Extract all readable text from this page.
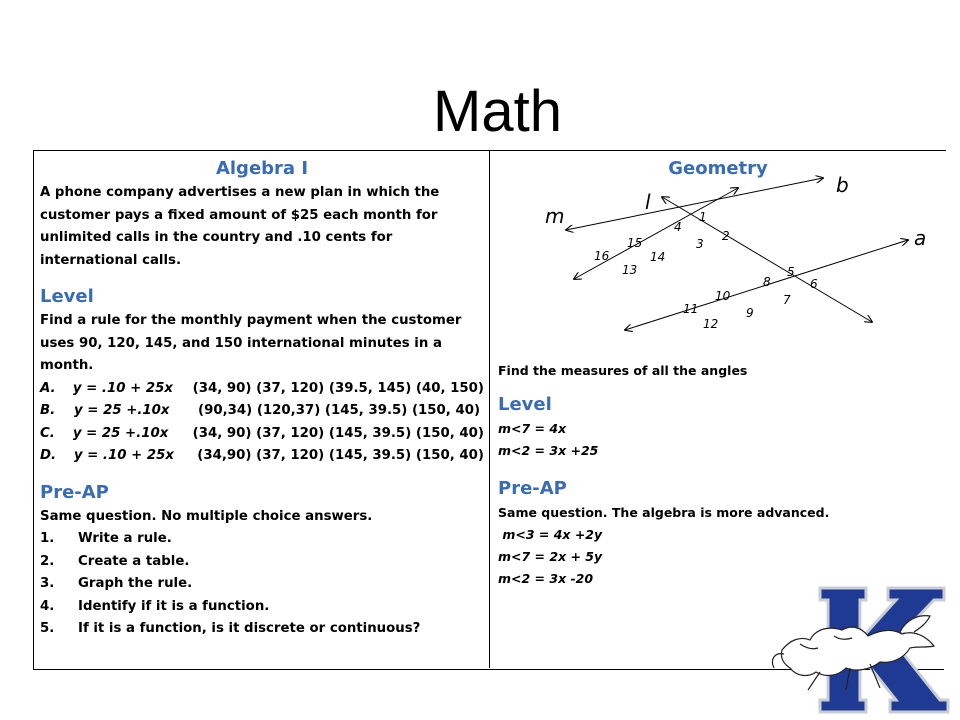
Math
Algebra I
A phone company advertises a new plan in which the customer pays a fixed amount of $25 each month for unlimited calls in the country and .10 cents for international calls.
Level
Find a rule for the monthly payment when the customer uses 90, 120, 145, and 150 international minutes in a month.
A.	y = .10 + 25x	(34, 90) (37, 120) (39.5, 145) (40, 150)
B.	y = 25 +.10x	(90,34) (120,37) (145, 39.5) (150, 40)
C.	y = 25 +.10x	(34, 90) (37, 120) (145, 39.5) (150, 40)
D.	y = .10 + 25x	(34,90) (37, 120) (145, 39.5) (150, 40)
Pre-AP
Same question. No multiple choice answers.
1.	Write a rule.
2.	Create a table.
3.	Graph the rule.
4.	Identify if it is a function.
5.	If it is a function, is it discrete or continuous?
Geometry
Find the measures of all the angles
Level
m<7 = 4x
m<2 = 3x +25
Pre-AP
Same question. The algebra is more advanced.
m<3 = 4x +2y
m<7 = 2x + 5y
m<2 = 3x -20
b
l
m
a
1
2
3
4
5
6
7
8
9
10
11
12
13
14
15
16
